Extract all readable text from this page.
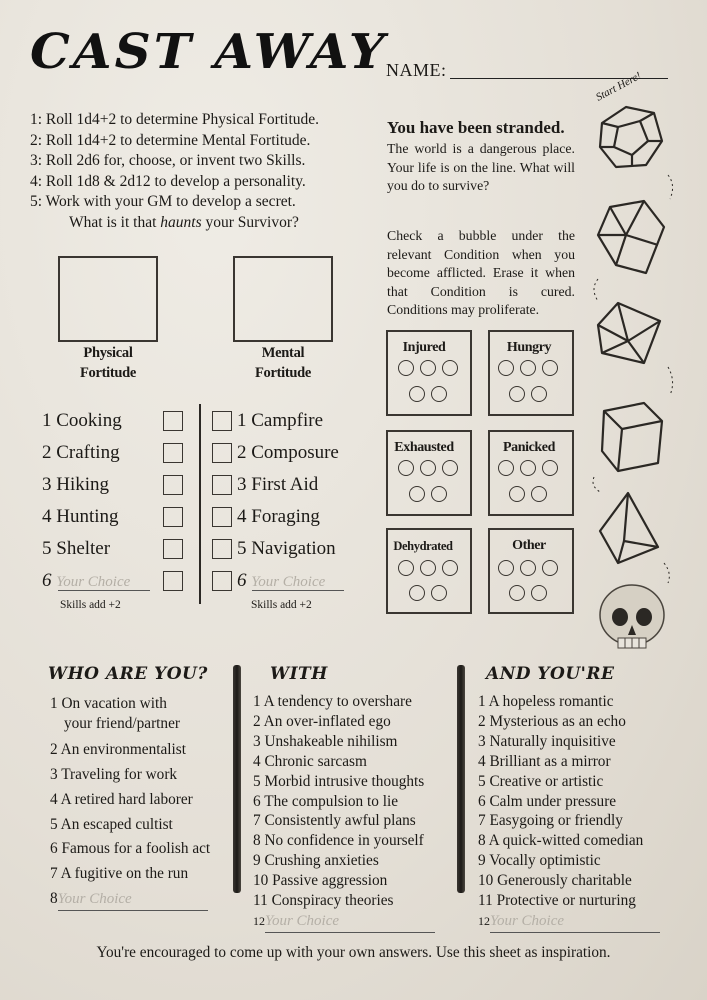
CAST AWAY
NAME:
1: Roll 1d4+2 to determine Physical Fortitude.
2: Roll 1d4+2 to determine Mental Fortitude.
3: Roll 2d6 for, choose, or invent two Skills.
4: Roll 1d8 & 2d12 to develop a personality.
5: Work with your GM to develop a secret.
What is it that haunts your Survivor?
You have been stranded.
The world is a dangerous place. Your life is on the line. What will you do to survive?
Check a bubble under the relevant Condition when you become afflicted. Erase it when that Condition is cured. Conditions may proliferate.
Physical
Fortitude
Mental
Fortitude
1 Cooking
2 Crafting
3 Hiking
4 Hunting
5 Shelter
6 Your Choice
1 Campfire
2 Composure
3 First Aid
4 Foraging
5 Navigation
6 Your Choice
Skills add +2	Skills add +2
Injured	Hungry
Exhausted	Panicked
Dehydrated	Other
Start Here!
WHO ARE YOU?
1 On vacation with
your friend/partner
2 An environmentalist
3 Traveling for work
4 A retired hard laborer
5 An escaped cultist
6 Famous for a foolish act
7 A fugitive on the run
8Your Choice
WITH
1 A tendency to overshare
2 An over-inflated ego
3 Unshakeable nihilism
4 Chronic sarcasm
5 Morbid intrusive thoughts
6 The compulsion to lie
7 Consistently awful plans
8 No confidence in yourself
9 Crushing anxieties
10 Passive aggression
11 Conspiracy theories
12Your Choice
AND YOU'RE
1 A hopeless romantic
2 Mysterious as an echo
3 Naturally inquisitive
4 Brilliant as a mirror
5 Creative or artistic
6 Calm under pressure
7 Easygoing or friendly
8 A quick-witted comedian
9 Vocally optimistic
10 Generously charitable
11 Protective or nurturing
12Your Choice
You're encouraged to come up with your own answers. Use this sheet as inspiration.
